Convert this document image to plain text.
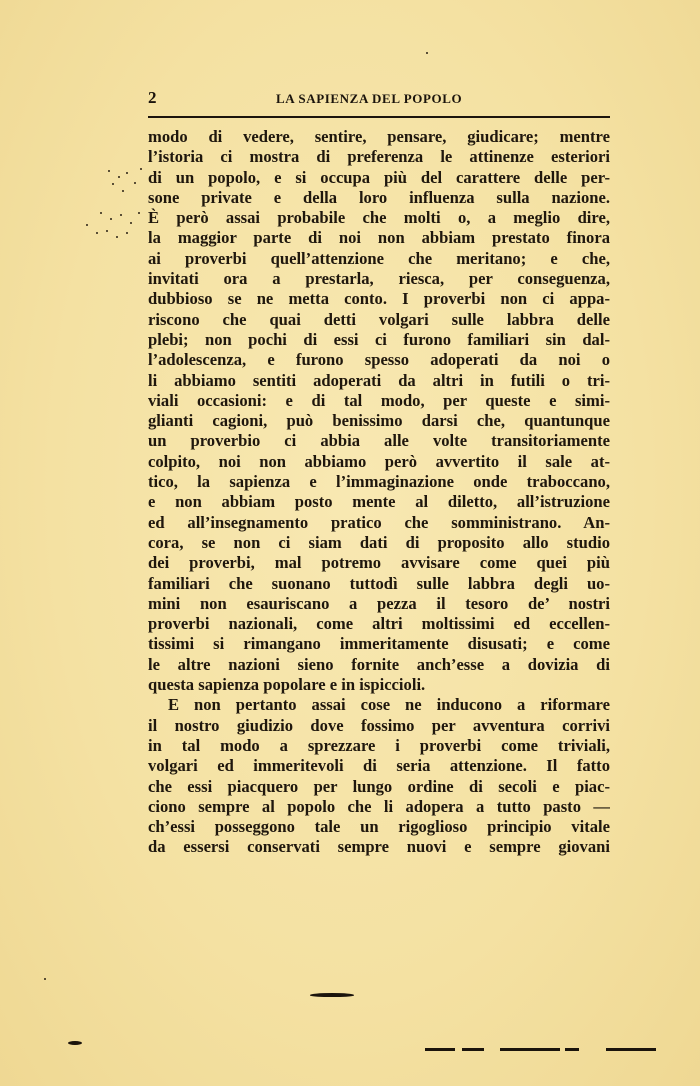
2	LA SAPIENZA DEL POPOLO
modo di vedere, sentire, pensare, giudicare; mentre
l’istoria ci mostra di preferenza le attinenze esteriori
di un popolo, e si occupa più del carattere delle per-
sone private e della loro influenza sulla nazione.
È però assai probabile che molti o, a meglio dire,
la maggior parte di noi non abbiam prestato finora
ai proverbi quell’attenzione che meritano; e che,
invitati ora a prestarla, riesca, per conseguenza,
dubbioso se ne metta conto. I proverbi non ci appa-
riscono che quai detti volgari sulle labbra delle
plebi; non pochi di essi ci furono familiari sin dal-
l’adolescenza, e furono spesso adoperati da noi o
li abbiamo sentiti adoperati da altri in futili o tri-
viali occasioni: e di tal modo, per queste e simi-
glianti cagioni, può benissimo darsi che, quantunque
un proverbio ci abbia alle volte transitoriamente
colpito, noi non abbiamo però avvertito il sale at-
tico, la sapienza e l’immaginazione onde traboccano,
e non abbiam posto mente al diletto, all’istruzione
ed all’insegnamento pratico che somministrano. An-
cora, se non ci siam dati di proposito allo studio
dei proverbi, mal potremo avvisare come quei più
familiari che suonano tuttodì sulle labbra degli uo-
mini non esauriscano a pezza il tesoro de’ nostri
proverbi nazionali, come altri moltissimi ed eccellen-
tissimi si rimangano immeritamente disusati; e come
le altre nazioni sieno fornite anch’esse a dovizia di
questa sapienza popolare e in ispiccioli.
E non pertanto assai cose ne inducono a riformare
il nostro giudizio dove fossimo per avventura corrivi
in tal modo a sprezzare i proverbi come triviali,
volgari ed immeritevoli di seria attenzione. Il fatto
che essi piacquero per lungo ordine di secoli e piac-
ciono sempre al popolo che li adopera a tutto pasto —
ch’essi posseggono tale un rigoglioso principio vitale
da essersi conservati sempre nuovi e sempre giovani
